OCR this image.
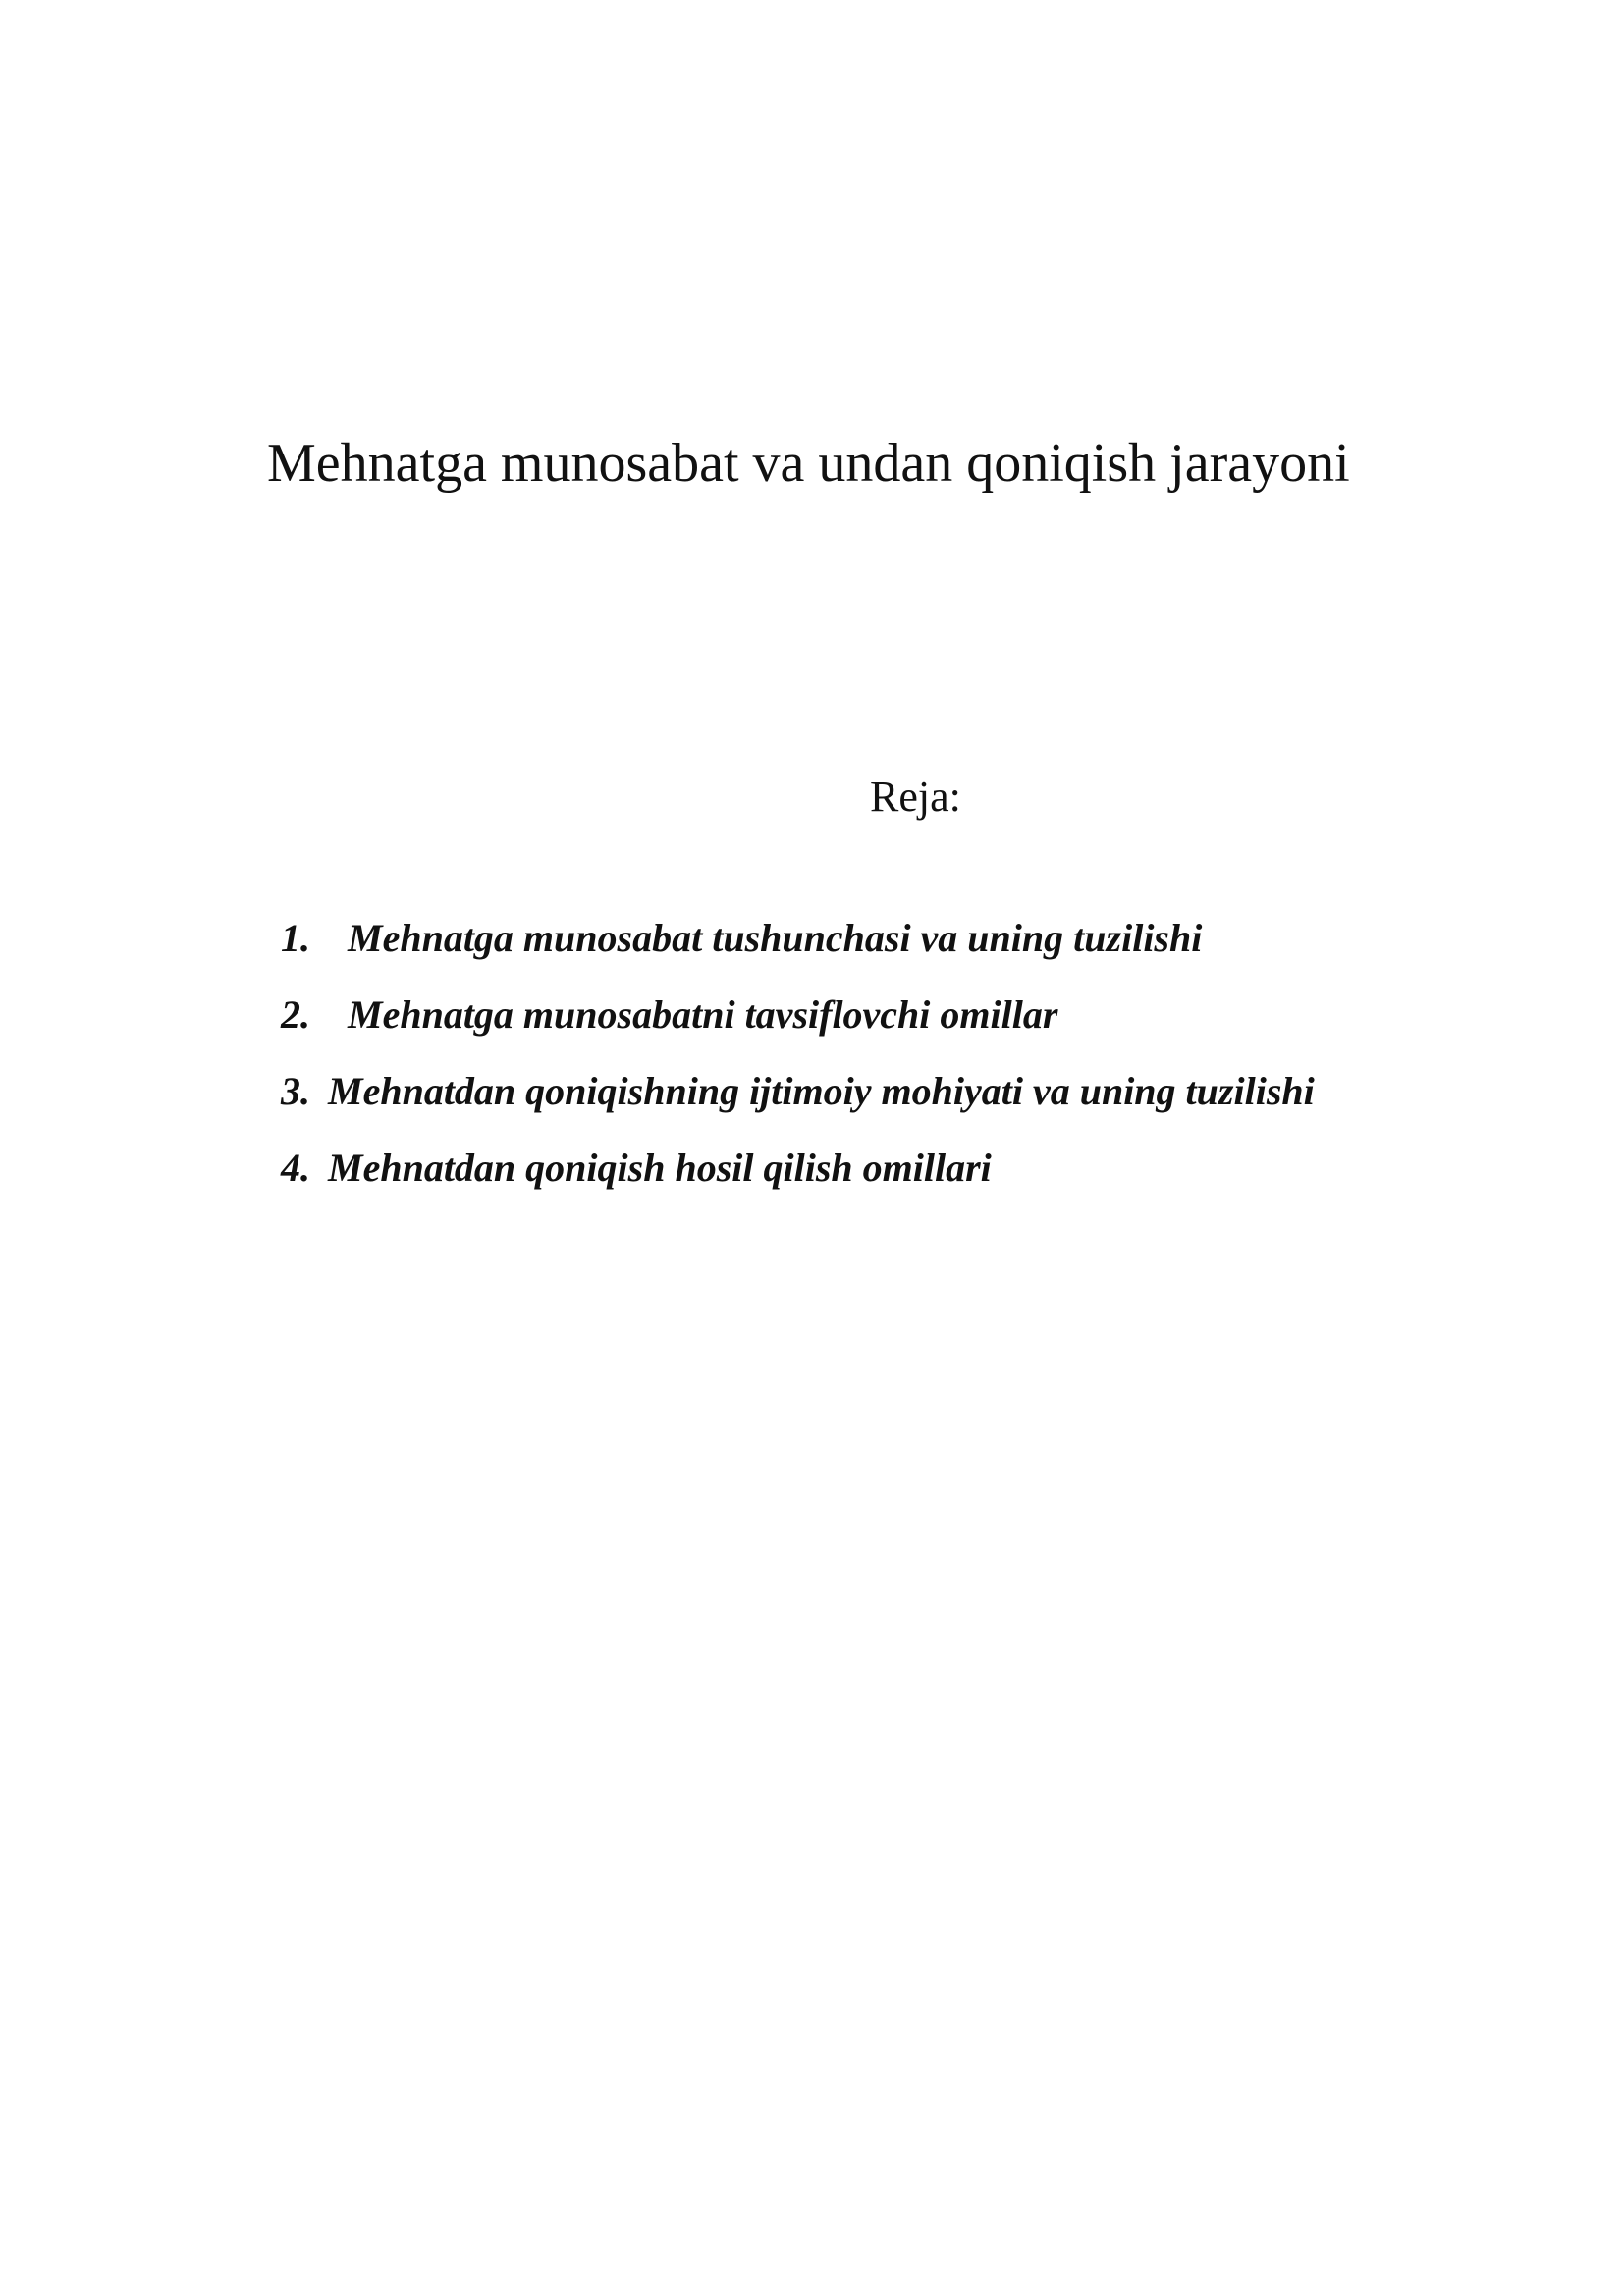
Mehnatga munosabat va undan qoniqish jarayoni
Reja:
1. Mehnatga munosabat tushunchasi va uning tuzilishi
2. Mehnatga munosabatni tavsiflovchi omillar
3. Mehnatdan qoniqishning ijtimoiy mohiyati va uning tuzilishi
4. Mehnatdan qoniqish hosil qilish omillari
